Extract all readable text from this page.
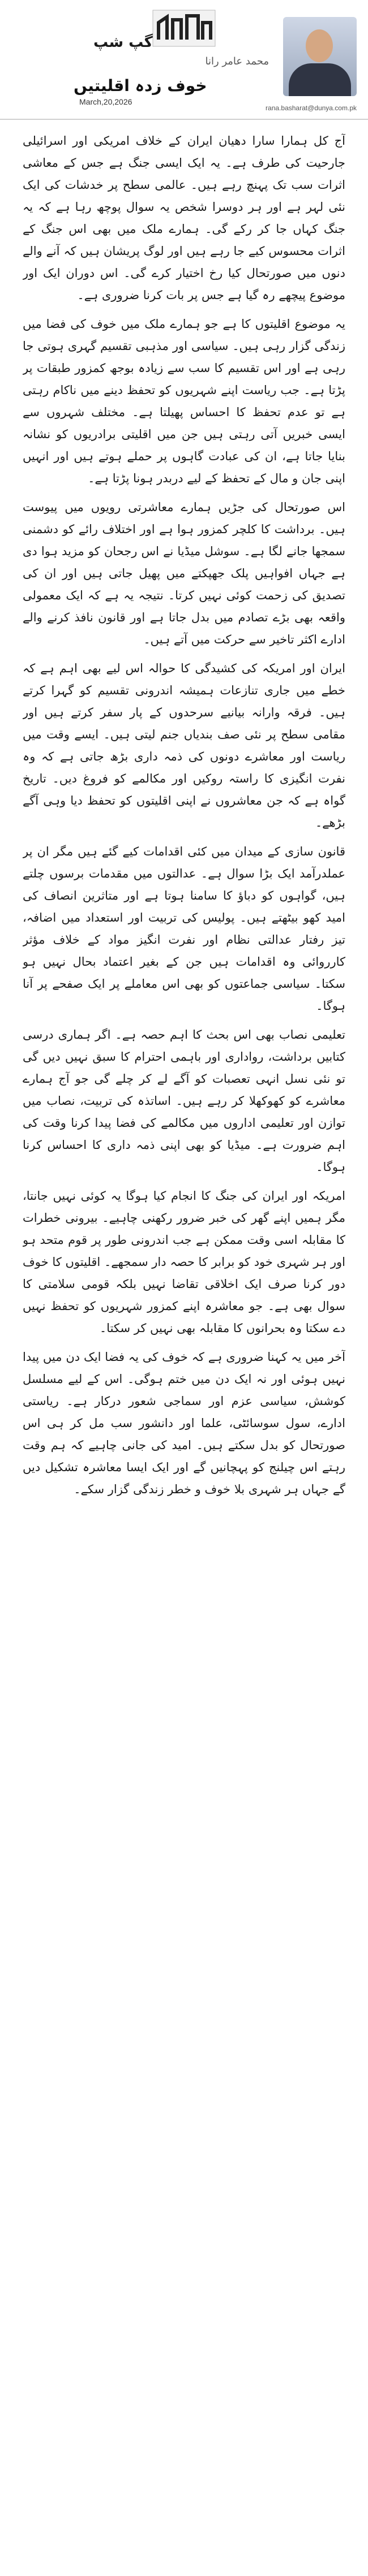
گپ شپ
محمد عامر رانا
خوف زدہ اقلیتیں
March,20,2026
rana.basharat@dunya.com.pk

آج کل ہمارا سارا دھیان ایران کے خلاف امریکی اور اسرائیلی جارحیت کی طرف ہے۔ یہ ایک ایسی جنگ ہے جس کے معاشی اثرات سب تک پہنچ رہے ہیں۔ عالمی سطح پر خدشات کی ایک نئی لہر ہے اور ہر دوسرا شخص یہ سوال پوچھ رہا ہے کہ یہ جنگ کہاں جا کر رکے گی۔ ہمارے ملک میں بھی اس جنگ کے اثرات محسوس کیے جا رہے ہیں اور لوگ پریشان ہیں کہ آنے والے دنوں میں صورتحال کیا رخ اختیار کرے گی۔ اس دوران ایک اور موضوع پیچھے رہ گیا ہے جس پر بات کرنا ضروری ہے۔

یہ موضوع اقلیتوں کا ہے جو ہمارے ملک میں خوف کی فضا میں زندگی گزار رہی ہیں۔ سیاسی اور مذہبی تقسیم گہری ہوتی جا رہی ہے اور اس تقسیم کا سب سے زیادہ بوجھ کمزور طبقات پر پڑتا ہے۔ جب ریاست اپنے شہریوں کو تحفظ دینے میں ناکام رہتی ہے تو عدم تحفظ کا احساس پھیلتا ہے۔ مختلف شہروں سے ایسی خبریں آتی رہتی ہیں جن میں اقلیتی برادریوں کو نشانہ بنایا جاتا ہے، ان کی عبادت گاہوں پر حملے ہوتے ہیں اور انہیں اپنی جان و مال کے تحفظ کے لیے دربدر ہونا پڑتا ہے۔

اس صورتحال کی جڑیں ہمارے معاشرتی رویوں میں پیوست ہیں۔ برداشت کا کلچر کمزور ہوا ہے اور اختلاف رائے کو دشمنی سمجھا جانے لگا ہے۔ سوشل میڈیا نے اس رجحان کو مزید ہوا دی ہے جہاں افواہیں پلک جھپکتے میں پھیل جاتی ہیں اور ان کی تصدیق کی زحمت کوئی نہیں کرتا۔ نتیجہ یہ ہے کہ ایک معمولی واقعہ بھی بڑے تصادم میں بدل جاتا ہے اور قانون نافذ کرنے والے ادارے اکثر تاخیر سے حرکت میں آتے ہیں۔

ایران اور امریکہ کی کشیدگی کا حوالہ اس لیے بھی اہم ہے کہ خطے میں جاری تنازعات ہمیشہ اندرونی تقسیم کو گہرا کرتے ہیں۔ فرقہ وارانہ بیانیے سرحدوں کے پار سفر کرتے ہیں اور مقامی سطح پر نئی صف بندیاں جنم لیتی ہیں۔ ایسے وقت میں ریاست اور معاشرے دونوں کی ذمہ داری بڑھ جاتی ہے کہ وہ نفرت انگیزی کا راستہ روکیں اور مکالمے کو فروغ دیں۔ تاریخ گواہ ہے کہ جن معاشروں نے اپنی اقلیتوں کو تحفظ دیا وہی آگے بڑھے۔

قانون سازی کے میدان میں کئی اقدامات کیے گئے ہیں مگر ان پر عملدرآمد ایک بڑا سوال ہے۔ عدالتوں میں مقدمات برسوں چلتے ہیں، گواہوں کو دباؤ کا سامنا ہوتا ہے اور متاثرین انصاف کی امید کھو بیٹھتے ہیں۔ پولیس کی تربیت اور استعداد میں اضافہ، تیز رفتار عدالتی نظام اور نفرت انگیز مواد کے خلاف مؤثر کارروائی وہ اقدامات ہیں جن کے بغیر اعتماد بحال نہیں ہو سکتا۔ سیاسی جماعتوں کو بھی اس معاملے پر ایک صفحے پر آنا ہوگا۔

تعلیمی نصاب بھی اس بحث کا اہم حصہ ہے۔ اگر ہماری درسی کتابیں برداشت، رواداری اور باہمی احترام کا سبق نہیں دیں گی تو نئی نسل انہی تعصبات کو آگے لے کر چلے گی جو آج ہمارے معاشرے کو کھوکھلا کر رہے ہیں۔ اساتذہ کی تربیت، نصاب میں توازن اور تعلیمی اداروں میں مکالمے کی فضا پیدا کرنا وقت کی اہم ضرورت ہے۔ میڈیا کو بھی اپنی ذمہ داری کا احساس کرنا ہوگا۔

امریکہ اور ایران کی جنگ کا انجام کیا ہوگا یہ کوئی نہیں جانتا، مگر ہمیں اپنے گھر کی خبر ضرور رکھنی چاہیے۔ بیرونی خطرات کا مقابلہ اسی وقت ممکن ہے جب اندرونی طور پر قوم متحد ہو اور ہر شہری خود کو برابر کا حصہ دار سمجھے۔ اقلیتوں کا خوف دور کرنا صرف ایک اخلاقی تقاضا نہیں بلکہ قومی سلامتی کا سوال بھی ہے۔ جو معاشرہ اپنے کمزور شہریوں کو تحفظ نہیں دے سکتا وہ بحرانوں کا مقابلہ بھی نہیں کر سکتا۔

آخر میں یہ کہنا ضروری ہے کہ خوف کی یہ فضا ایک دن میں پیدا نہیں ہوئی اور نہ ایک دن میں ختم ہوگی۔ اس کے لیے مسلسل کوشش، سیاسی عزم اور سماجی شعور درکار ہے۔ ریاستی ادارے، سول سوسائٹی، علما اور دانشور سب مل کر ہی اس صورتحال کو بدل سکتے ہیں۔ امید کی جانی چاہیے کہ ہم وقت رہتے اس چیلنج کو پہچانیں گے اور ایک ایسا معاشرہ تشکیل دیں گے جہاں ہر شہری بلا خوف و خطر زندگی گزار سکے۔
